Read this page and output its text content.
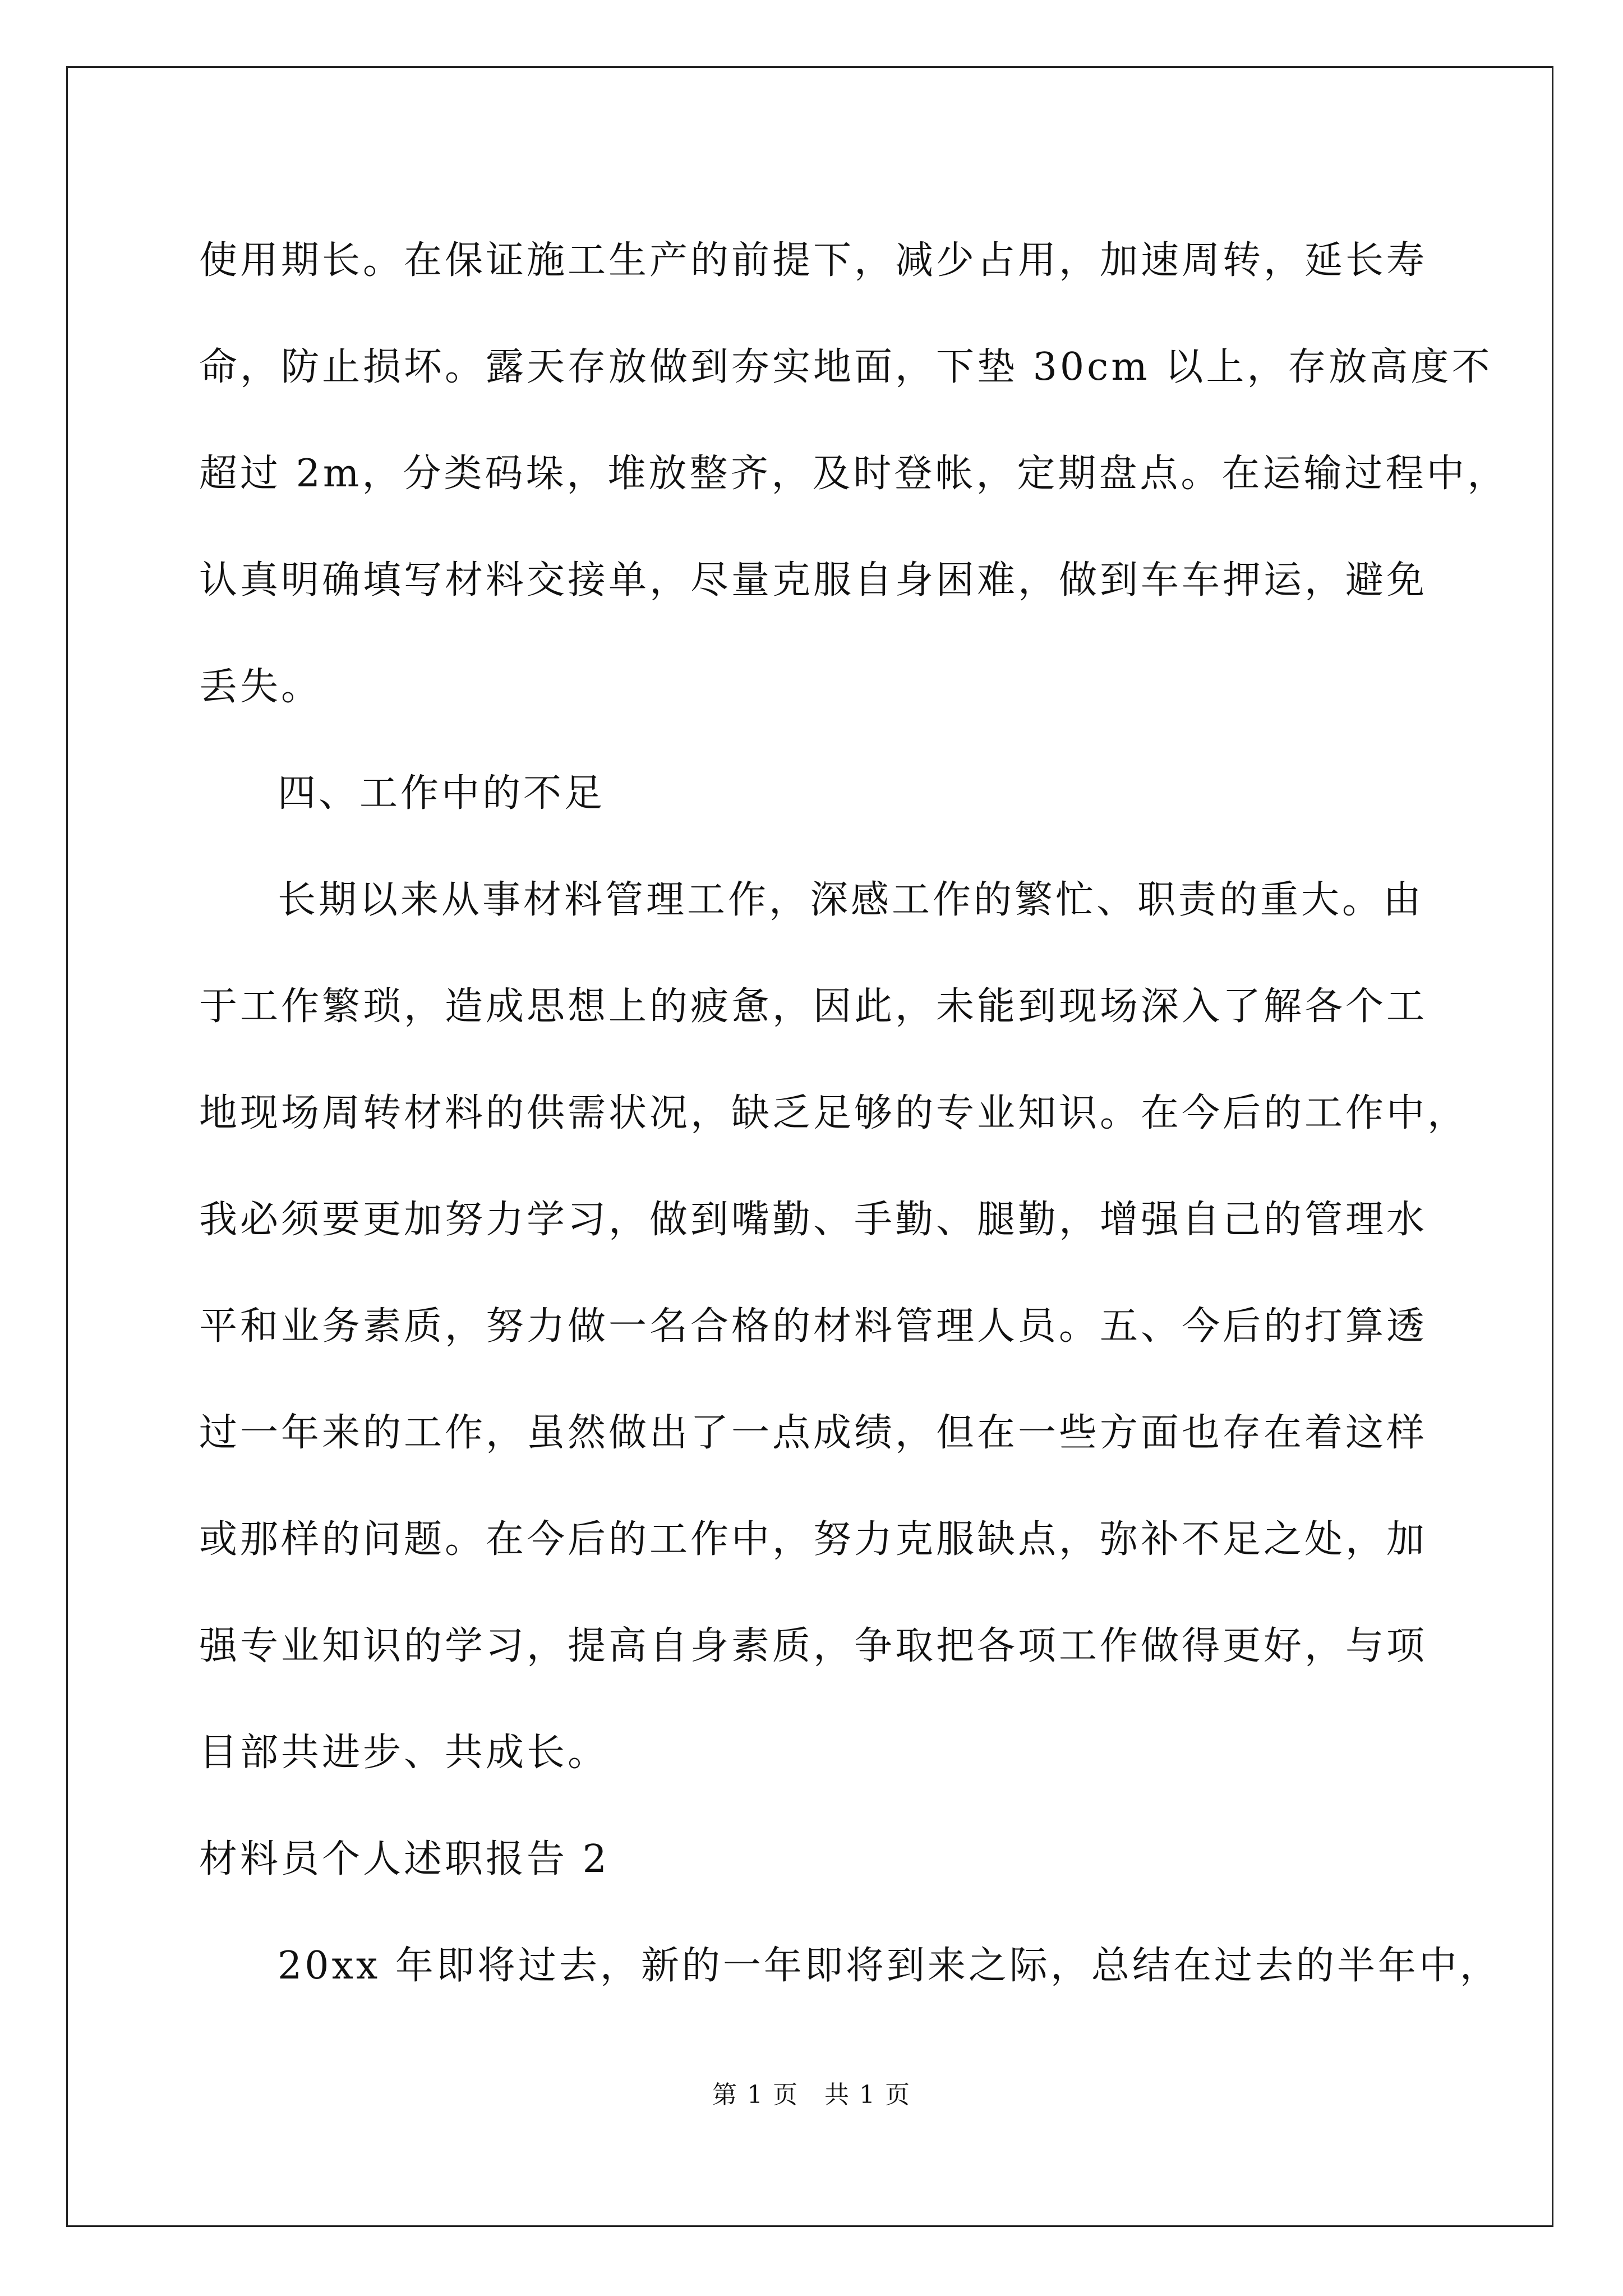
使用期长。在保证施工生产的前提下，减少占用，加速周转，延长寿
命，防止损坏。露天存放做到夯实地面，下垫 30cm 以上，存放高度不
超过 2m，分类码垛，堆放整齐，及时登帐，定期盘点。在运输过程中，
认真明确填写材料交接单，尽量克服自身困难，做到车车押运，避免
丢失。
四、工作中的不足
长期以来从事材料管理工作，深感工作的繁忙、职责的重大。由
于工作繁琐，造成思想上的疲惫，因此，未能到现场深入了解各个工
地现场周转材料的供需状况，缺乏足够的专业知识。在今后的工作中，
我必须要更加努力学习，做到嘴勤、手勤、腿勤，增强自己的管理水
平和业务素质，努力做一名合格的材料管理人员。五、今后的打算透
过一年来的工作，虽然做出了一点成绩，但在一些方面也存在着这样
或那样的问题。在今后的工作中，努力克服缺点，弥补不足之处，加
强专业知识的学习，提高自身素质，争取把各项工作做得更好，与项
目部共进步、共成长。
材料员个人述职报告 2
20xx 年即将过去，新的一年即将到来之际，总结在过去的半年中，
第 1 页　共 1 页
